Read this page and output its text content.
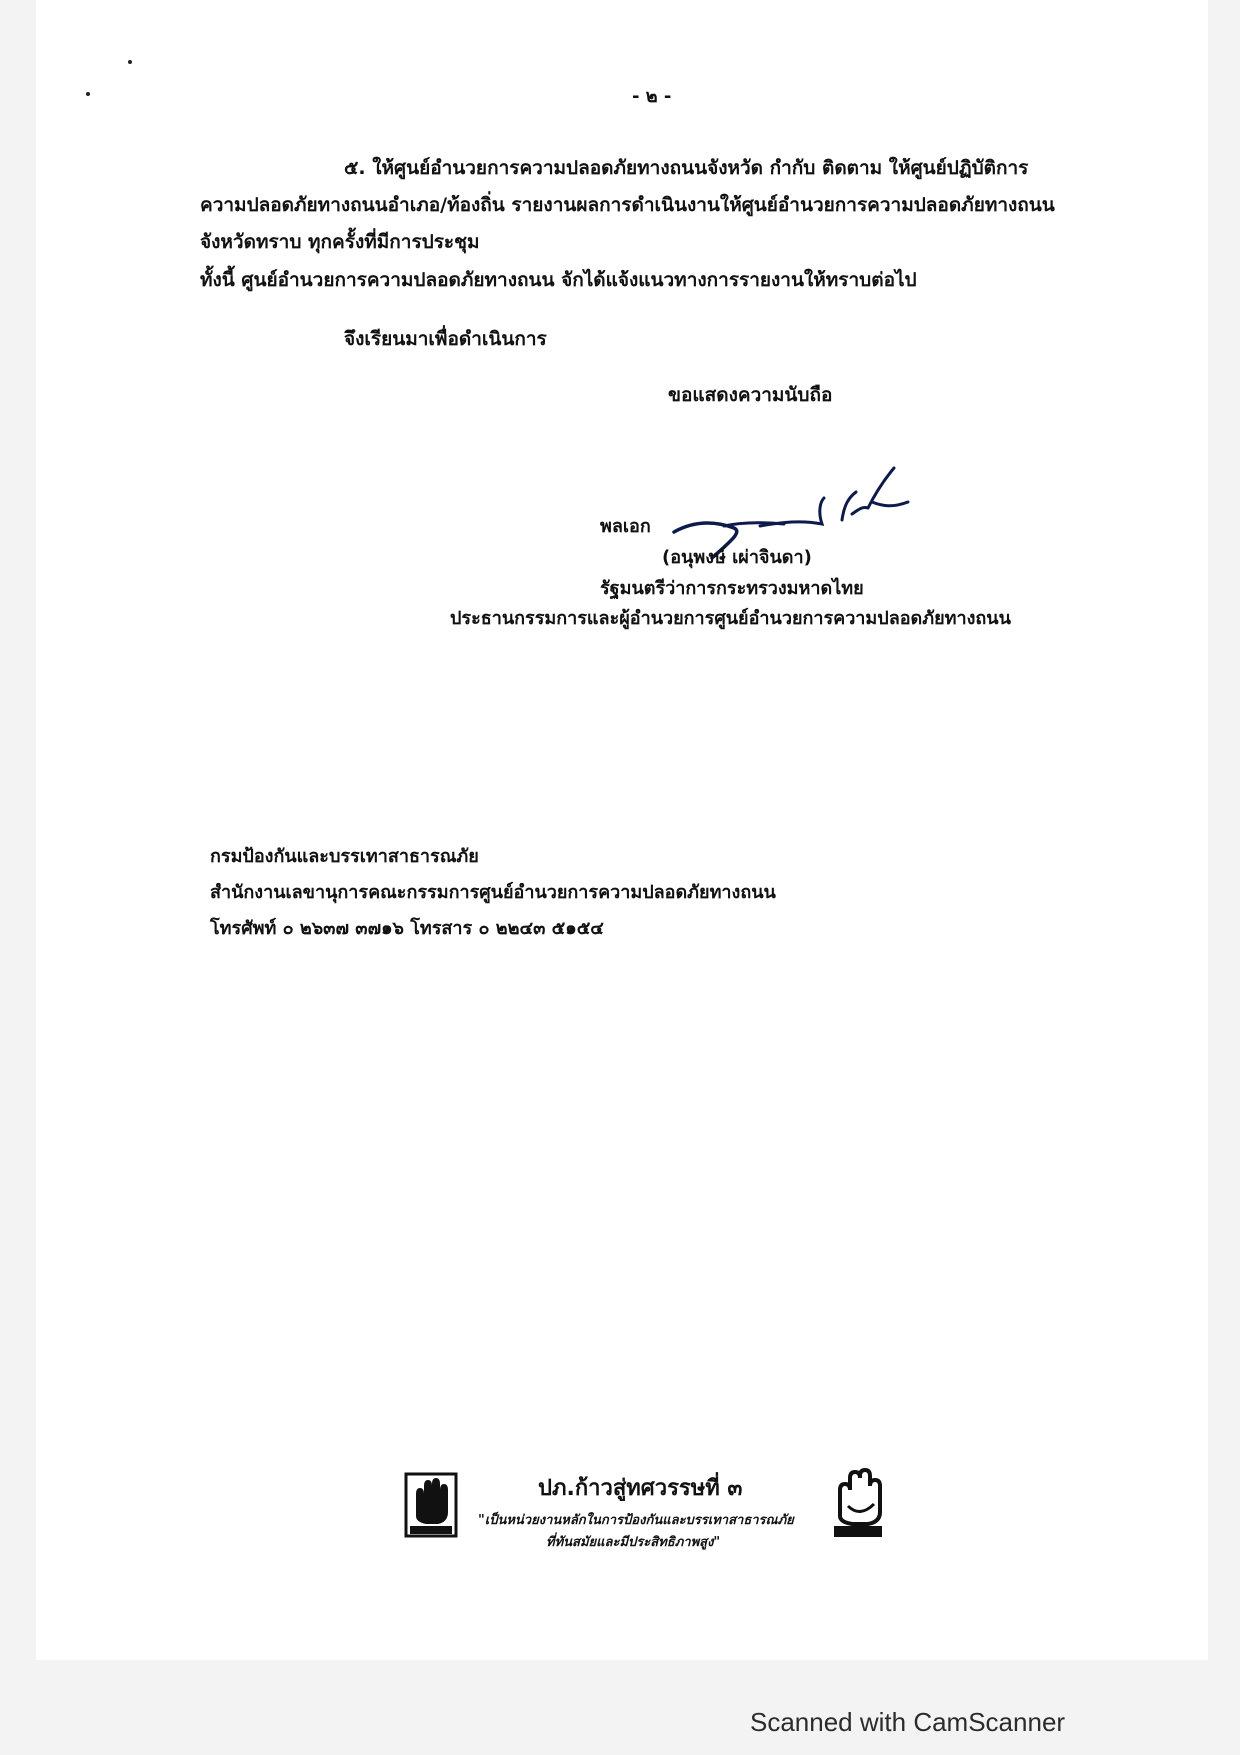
- ๒ -
๕. ให้ศูนย์อำนวยการความปลอดภัยทางถนนจังหวัด กำกับ ติดตาม ให้ศูนย์ปฏิบัติการ
ความปลอดภัยทางถนนอำเภอ/ท้องถิ่น รายงานผลการดำเนินงานให้ศูนย์อำนวยการความปลอดภัยทางถนน
จังหวัดทราบ ทุกครั้งที่มีการประชุม
ทั้งนี้ ศูนย์อำนวยการความปลอดภัยทางถนน จักได้แจ้งแนวทางการรายงานให้ทราบต่อไป
จึงเรียนมาเพื่อดำเนินการ
ขอแสดงความนับถือ
พลเอก
(อนุพงษ์ เผ่าจินดา)
รัฐมนตรีว่าการกระทรวงมหาดไทย
ประธานกรรมการและผู้อำนวยการศูนย์อำนวยการความปลอดภัยทางถนน
กรมป้องกันและบรรเทาสาธารณภัย
สำนักงานเลขานุการคณะกรรมการศูนย์อำนวยการความปลอดภัยทางถนน
โทรศัพท์ ๐ ๒๖๓๗ ๓๗๑๖ โทรสาร ๐ ๒๒๔๓ ๕๑๕๔
ปภ.ก้าวสู่ทศวรรษที่ ๓
"เป็นหน่วยงานหลักในการป้องกันและบรรเทาสาธารณภัย
ที่ทันสมัยและมีประสิทธิภาพสูง"
Scanned with CamScanner
